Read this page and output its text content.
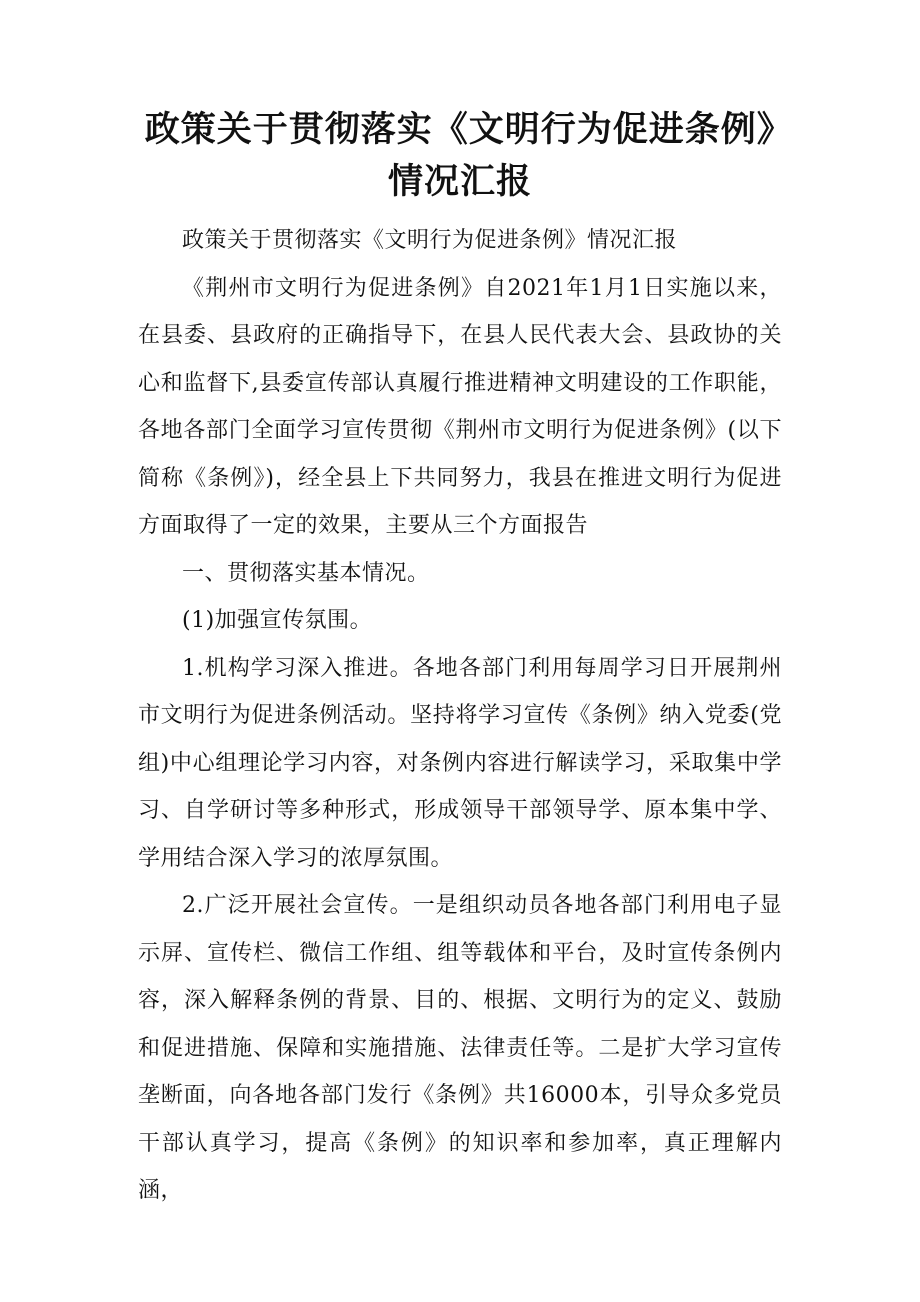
政策关于贯彻落实《文明行为促进条例》情况汇报

政策关于贯彻落实《文明行为促进条例》情况汇报

《荆州市文明行为促进条例》自2021年1月1日实施以来，在县委、县政府的正确指导下，在县人民代表大会、县政协的关心和监督下,县委宣传部认真履行推进精神文明建设的工作职能，各地各部门全面学习宣传贯彻《荆州市文明行为促进条例》(以下简称《条例》)，经全县上下共同努力，我县在推进文明行为促进方面取得了一定的效果，主要从三个方面报告

一、贯彻落实基本情况。

(1)加强宣传氛围。

1.机构学习深入推进。各地各部门利用每周学习日开展荆州市文明行为促进条例活动。坚持将学习宣传《条例》纳入党委(党组)中心组理论学习内容，对条例内容进行解读学习，采取集中学习、自学研讨等多种形式，形成领导干部领导学、原本集中学、学用结合深入学习的浓厚氛围。

2.广泛开展社会宣传。一是组织动员各地各部门利用电子显示屏、宣传栏、微信工作组、组等载体和平台，及时宣传条例内容，深入解释条例的背景、目的、根据、文明行为的定义、鼓励和促进措施、保障和实施措施、法律责任等。二是扩大学习宣传垄断面，向各地各部门发行《条例》共16000本，引导众多党员干部认真学习，提高《条例》的知识率和参加率，真正理解内涵，
